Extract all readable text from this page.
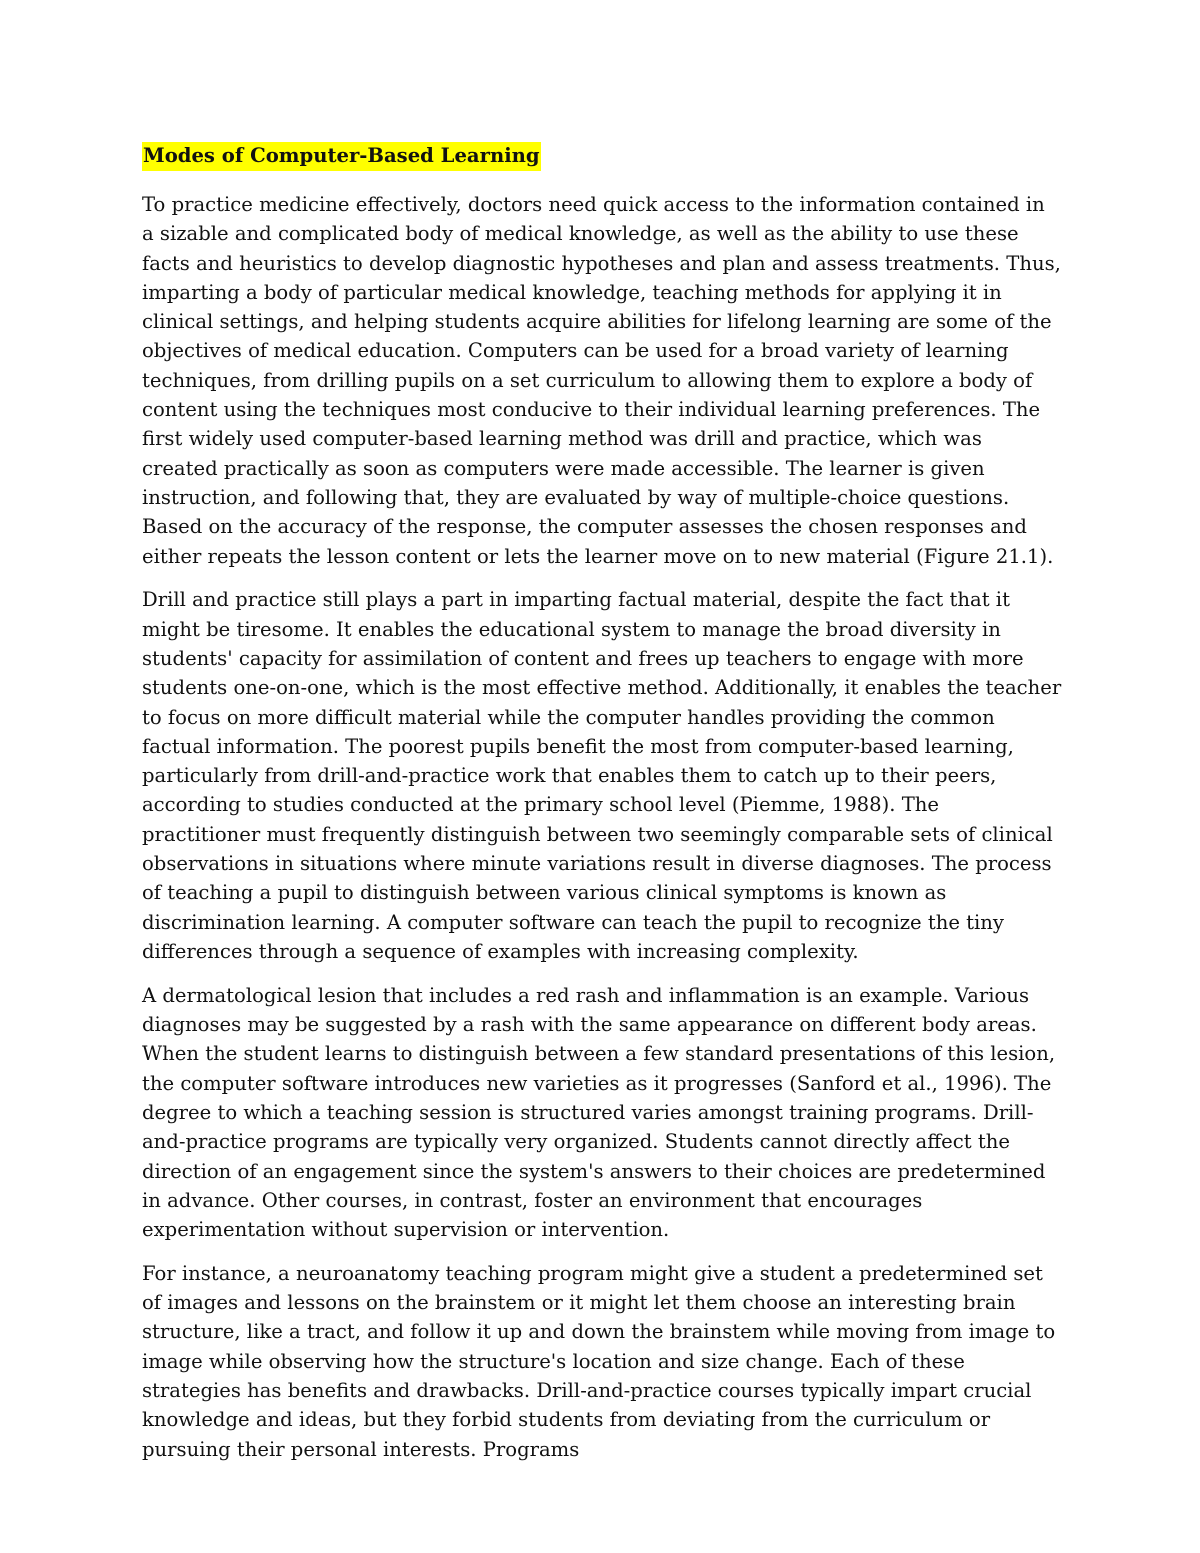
Modes of Computer-Based Learning

To practice medicine effectively, doctors need quick access to the information contained in a sizable and complicated body of medical knowledge, as well as the ability to use these facts and heuristics to develop diagnostic hypotheses and plan and assess treatments. Thus, imparting a body of particular medical knowledge, teaching methods for applying it in clinical settings, and helping students acquire abilities for lifelong learning are some of the objectives of medical education. Computers can be used for a broad variety of learning techniques, from drilling pupils on a set curriculum to allowing them to explore a body of content using the techniques most conducive to their individual learning preferences. The first widely used computer-based learning method was drill and practice, which was created practically as soon as computers were made accessible. The learner is given instruction, and following that, they are evaluated by way of multiple-choice questions. Based on the accuracy of the response, the computer assesses the chosen responses and either repeats the lesson content or lets the learner move on to new material (Figure 21.1).

Drill and practice still plays a part in imparting factual material, despite the fact that it might be tiresome. It enables the educational system to manage the broad diversity in students' capacity for assimilation of content and frees up teachers to engage with more students one-on-one, which is the most effective method. Additionally, it enables the teacher to focus on more difficult material while the computer handles providing the common factual information. The poorest pupils benefit the most from computer-based learning, particularly from drill-and-practice work that enables them to catch up to their peers, according to studies conducted at the primary school level (Piemme, 1988). The practitioner must frequently distinguish between two seemingly comparable sets of clinical observations in situations where minute variations result in diverse diagnoses. The process of teaching a pupil to distinguish between various clinical symptoms is known as discrimination learning. A computer software can teach the pupil to recognize the tiny differences through a sequence of examples with increasing complexity.

A dermatological lesion that includes a red rash and inflammation is an example. Various diagnoses may be suggested by a rash with the same appearance on different body areas. When the student learns to distinguish between a few standard presentations of this lesion, the computer software introduces new varieties as it progresses (Sanford et al., 1996). The degree to which a teaching session is structured varies amongst training programs. Drill-and-practice programs are typically very organized. Students cannot directly affect the direction of an engagement since the system's answers to their choices are predetermined in advance. Other courses, in contrast, foster an environment that encourages experimentation without supervision or intervention.

For instance, a neuroanatomy teaching program might give a student a predetermined set of images and lessons on the brainstem or it might let them choose an interesting brain structure, like a tract, and follow it up and down the brainstem while moving from image to image while observing how the structure's location and size change. Each of these strategies has benefits and drawbacks. Drill-and-practice courses typically impart crucial knowledge and ideas, but they forbid students from deviating from the curriculum or pursuing their personal interests. Programs
